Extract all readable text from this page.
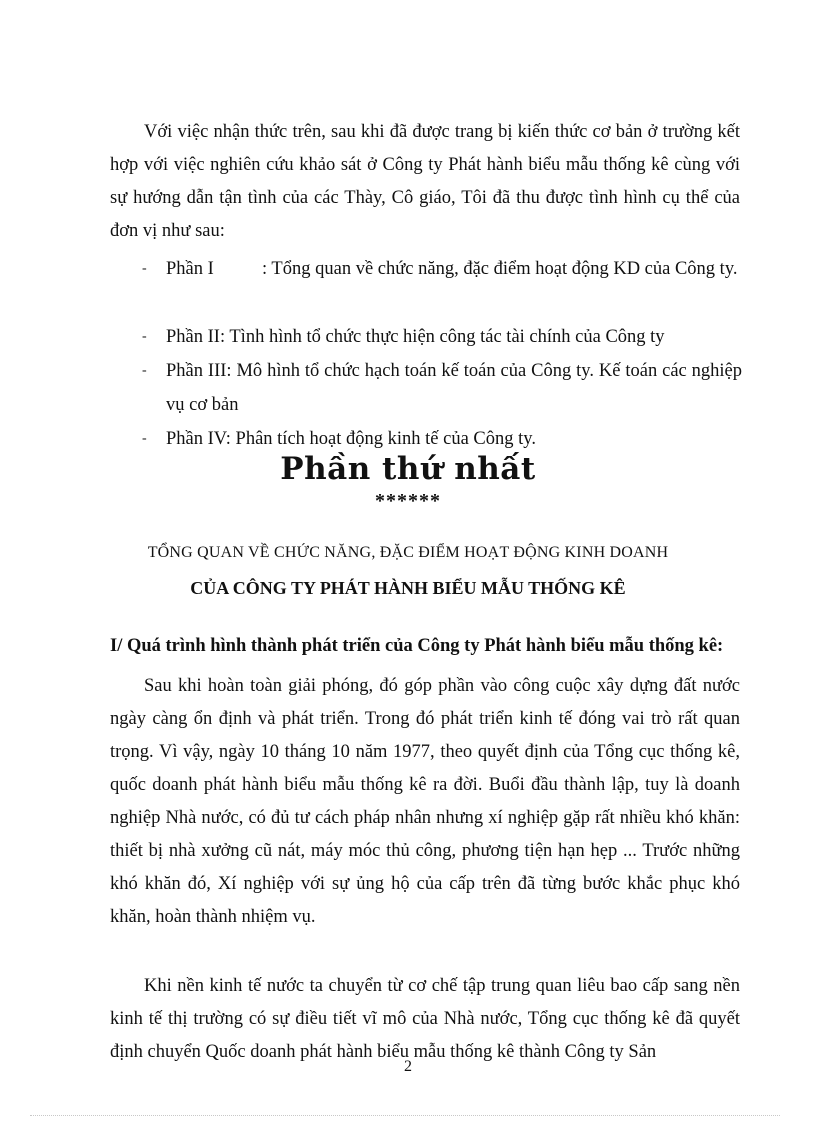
Với việc nhận thức trên, sau khi đã được trang bị kiến thức cơ bản ở trường kết hợp với việc nghiên cứu khảo sát ở Công ty Phát hành biểu mẫu thống kê cùng với sự hướng dẫn tận tình của các Thày, Cô giáo, Tôi đã thu được tình hình cụ thể của đơn vị như sau:

- Phần I	: Tổng quan về chức năng, đặc điểm hoạt động KD của Công ty.
- Phần II: Tình hình tổ chức thực hiện công tác tài chính của Công ty
- Phần III: Mô hình tổ chức hạch toán kế toán của Công ty. Kế toán các nghiệp vụ cơ bản
- Phần IV: Phân tích hoạt động kinh tế của Công ty.
Phần thứ nhất
******
TỔNG QUAN VỀ CHỨC NĂNG, ĐẶC ĐIỂM HOẠT ĐỘNG KINH DOANH
CỦA CÔNG TY PHÁT HÀNH BIỂU MẪU THỐNG KÊ

I/ Quá trình hình thành phát triển của Công ty Phát hành biểu mẫu thống kê:

Sau khi hoàn toàn giải phóng, đó góp phần vào công cuộc xây dựng đất nước ngày càng ổn định và phát triển. Trong đó phát triển kinh tế đóng vai trò rất quan trọng. Vì vậy, ngày 10 tháng 10 năm 1977, theo quyết định của Tổng cục thống kê, quốc doanh phát hành biểu mẫu thống kê ra đời. Buổi đầu thành lập, tuy là doanh nghiệp Nhà nước, có đủ tư cách pháp nhân nhưng xí nghiệp gặp rất nhiều khó khăn: thiết bị nhà xưởng cũ nát, máy móc thủ công, phương tiện hạn hẹp ... Trước những khó khăn đó, Xí nghiệp với sự ủng hộ của cấp trên đã từng bước khắc phục khó khăn, hoàn thành nhiệm vụ.

Khi nền kinh tế nước ta chuyển từ cơ chế tập trung quan liêu bao cấp sang nền kinh tế thị trường có sự điều tiết vĩ mô của Nhà nước, Tổng cục thống kê đã quyết định chuyển Quốc doanh phát hành biểu mẫu thống kê thành Công ty Sản

2
